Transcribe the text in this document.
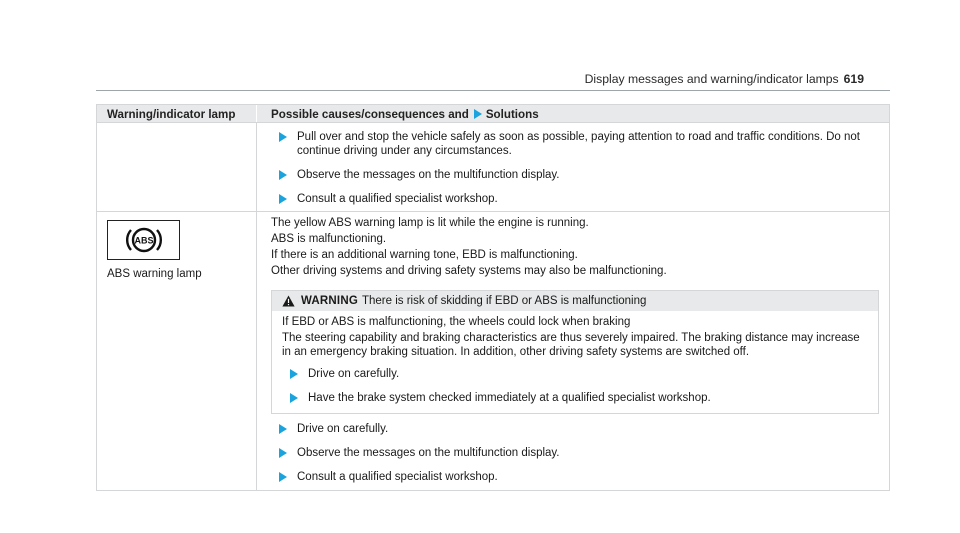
Display messages and warning/indicator lamps 619
Warning/indicator lamp	Possible causes/consequences and Solutions
Pull over and stop the vehicle safely as soon as possible, paying attention to road and traffic conditions. Do not continue driving under any circumstances.
Observe the messages on the multifunction display.
Consult a qualified specialist workshop.
ABS
ABS warning lamp
The yellow ABS warning lamp is lit while the engine is running.
ABS is malfunctioning.
If there is an additional warning tone, EBD is malfunctioning.
Other driving systems and driving safety systems may also be malfunctioning.
WARNING There is risk of skidding if EBD or ABS is malfunctioning
If EBD or ABS is malfunctioning, the wheels could lock when braking
The steering capability and braking characteristics are thus severely impaired. The braking distance may increase in an emergency braking situation. In addition, other driving safety systems are switched off.
Drive on carefully.
Have the brake system checked immediately at a qualified specialist workshop.
Drive on carefully.
Observe the messages on the multifunction display.
Consult a qualified specialist workshop.
